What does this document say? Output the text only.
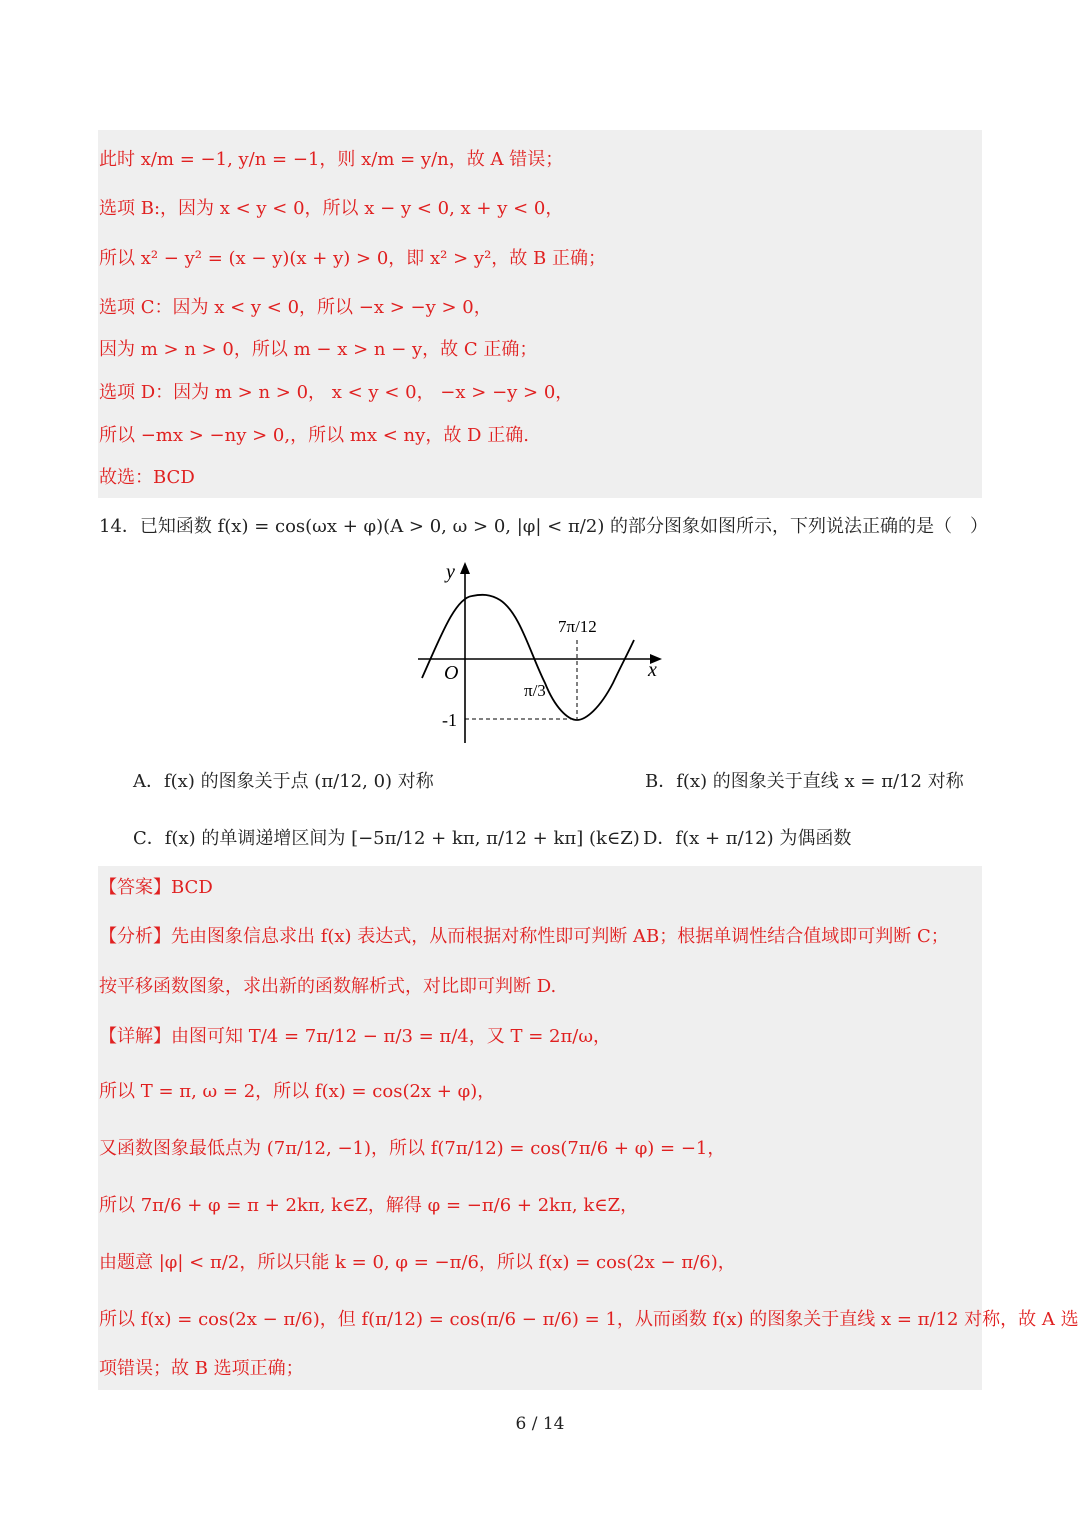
此时 x/m = −1, y/n = −1，则 x/m = y/n，故 A 错误；
选项 B:，因为 x < y < 0，所以 x − y < 0, x + y < 0，
所以 x² − y² = (x − y)(x + y) > 0，即 x² > y²，故 B 正确；
选项 C：因为 x < y < 0，所以 −x > −y > 0，
因为 m > n > 0，所以 m − x > n − y，故 C 正确；
选项 D：因为 m > n > 0， x < y < 0， −x > −y > 0，
所以 −mx > −ny > 0,，所以 mx < ny，故 D 正确.
故选：BCD
14．已知函数 f(x) = cos(ωx + φ)(A > 0, ω > 0, |φ| < π/2) 的部分图象如图所示，下列说法正确的是（　）
y
x
O
π/3
7π/12
-1
A．f(x) 的图象关于点 (π/12, 0) 对称	B．f(x) 的图象关于直线 x = π/12 对称
C．f(x) 的单调递增区间为 [−5π/12 + kπ, π/12 + kπ] (k∈Z) D．f(x + π/12) 为偶函数
【答案】BCD
【分析】先由图象信息求出 f(x) 表达式，从而根据对称性即可判断 AB；根据单调性结合值域即可判断 C；
按平移函数图象，求出新的函数解析式，对比即可判断 D.
【详解】由图可知 T/4 = 7π/12 − π/3 = π/4，又 T = 2π/ω，
所以 T = π, ω = 2，所以 f(x) = cos(2x + φ)，
又函数图象最低点为 (7π/12, −1)，所以 f(7π/12) = cos(7π/6 + φ) = −1，
所以 7π/6 + φ = π + 2kπ, k∈Z，解得 φ = −π/6 + 2kπ, k∈Z，
由题意 |φ| < π/2，所以只能 k = 0, φ = −π/6，所以 f(x) = cos(2x − π/6)，
所以 f(x) = cos(2x − π/6)，但 f(π/12) = cos(π/6 − π/6) = 1，从而函数 f(x) 的图象关于直线 x = π/12 对称，故 A 选
项错误；故 B 选项正确；
6 / 14
